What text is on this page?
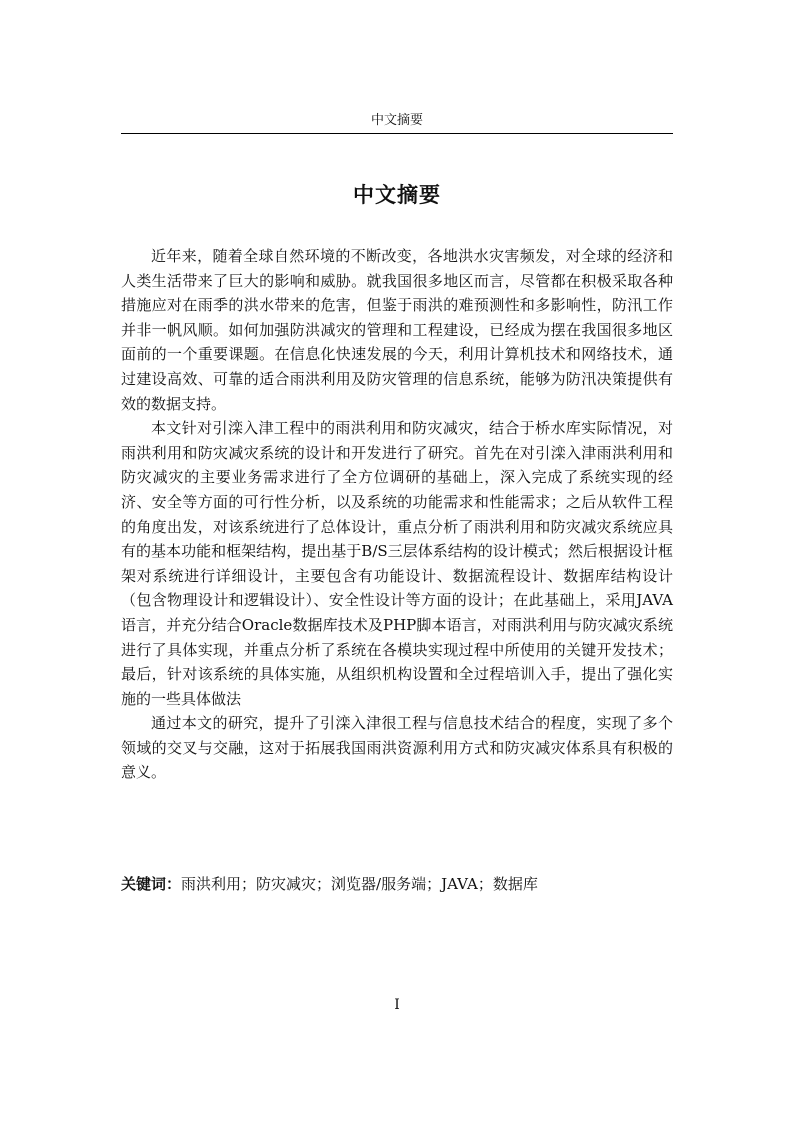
中文摘要
中文摘要

近年来，随着全球自然环境的不断改变，各地洪水灾害频发，对全球的经济和人类生活带来了巨大的影响和威胁。就我国很多地区而言，尽管都在积极采取各种措施应对在雨季的洪水带来的危害，但鉴于雨洪的难预测性和多影响性，防汛工作并非一帆风顺。如何加强防洪减灾的管理和工程建设，已经成为摆在我国很多地区面前的一个重要课题。在信息化快速发展的今天，利用计算机技术和网络技术，通过建设高效、可靠的适合雨洪利用及防灾管理的信息系统，能够为防汛决策提供有效的数据支持。

本文针对引滦入津工程中的雨洪利用和防灾减灾，结合于桥水库实际情况，对雨洪利用和防灾减灾系统的设计和开发进行了研究。首先在对引滦入津雨洪利用和防灾减灾的主要业务需求进行了全方位调研的基础上，深入完成了系统实现的经济、安全等方面的可行性分析，以及系统的功能需求和性能需求；之后从软件工程的角度出发，对该系统进行了总体设计，重点分析了雨洪利用和防灾减灾系统应具有的基本功能和框架结构，提出基于B/S三层体系结构的设计模式；然后根据设计框架对系统进行详细设计，主要包含有功能设计、数据流程设计、数据库结构设计（包含物理设计和逻辑设计）、安全性设计等方面的设计；在此基础上，采用JAVA语言，并充分结合Oracle数据库技术及PHP脚本语言，对雨洪利用与防灾减灾系统进行了具体实现，并重点分析了系统在各模块实现过程中所使用的关键开发技术；最后，针对该系统的具体实施，从组织机构设置和全过程培训入手，提出了强化实施的一些具体做法

通过本文的研究，提升了引滦入津很工程与信息技术结合的程度，实现了多个领域的交叉与交融，这对于拓展我国雨洪资源利用方式和防灾减灾体系具有积极的意义。

关键词：雨洪利用；防灾减灾；浏览器/服务端；JAVA；数据库
I
